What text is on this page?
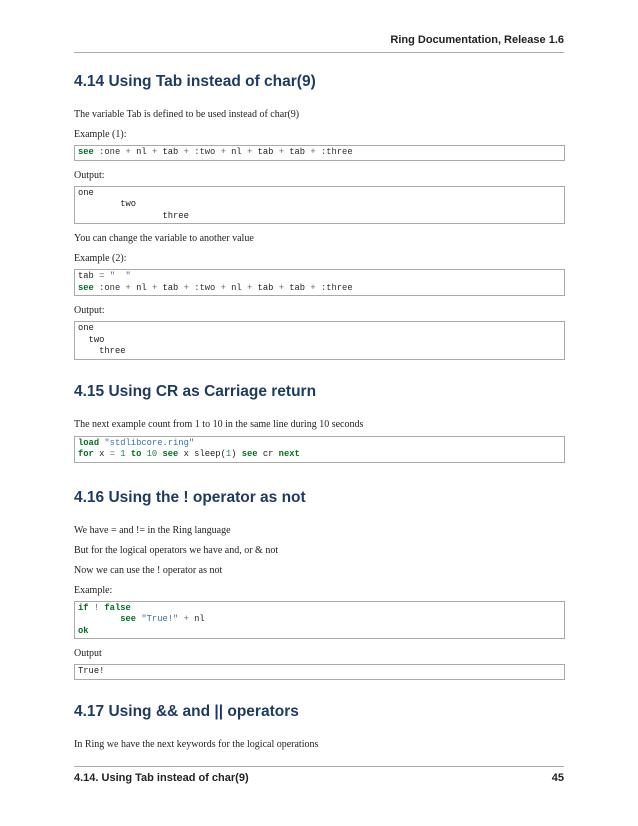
Ring Documentation, Release 1.6
4.14 Using Tab instead of char(9)

The variable Tab is defined to be used instead of char(9)

Example (1):

see :one + nl + tab + :two + nl + tab + tab + :three

Output:

one
two
three

You can change the variable to another value

Example (2):

tab = "  "
see :one + nl + tab + :two + nl + tab + tab + :three

Output:

one
two
three
4.15 Using CR as Carriage return

The next example count from 1 to 10 in the same line during 10 seconds

load "stdlibcore.ring"
for x = 1 to 10 see x sleep(1) see cr next
4.16 Using the ! operator as not

We have = and != in the Ring language

But for the logical operators we have and, or & not

Now we can use the ! operator as not

Example:

if ! false
see "True!" + nl
ok

Output

True!
4.17 Using && and || operators

In Ring we have the next keywords for the logical operations

4.14. Using Tab instead of char(9)	45
